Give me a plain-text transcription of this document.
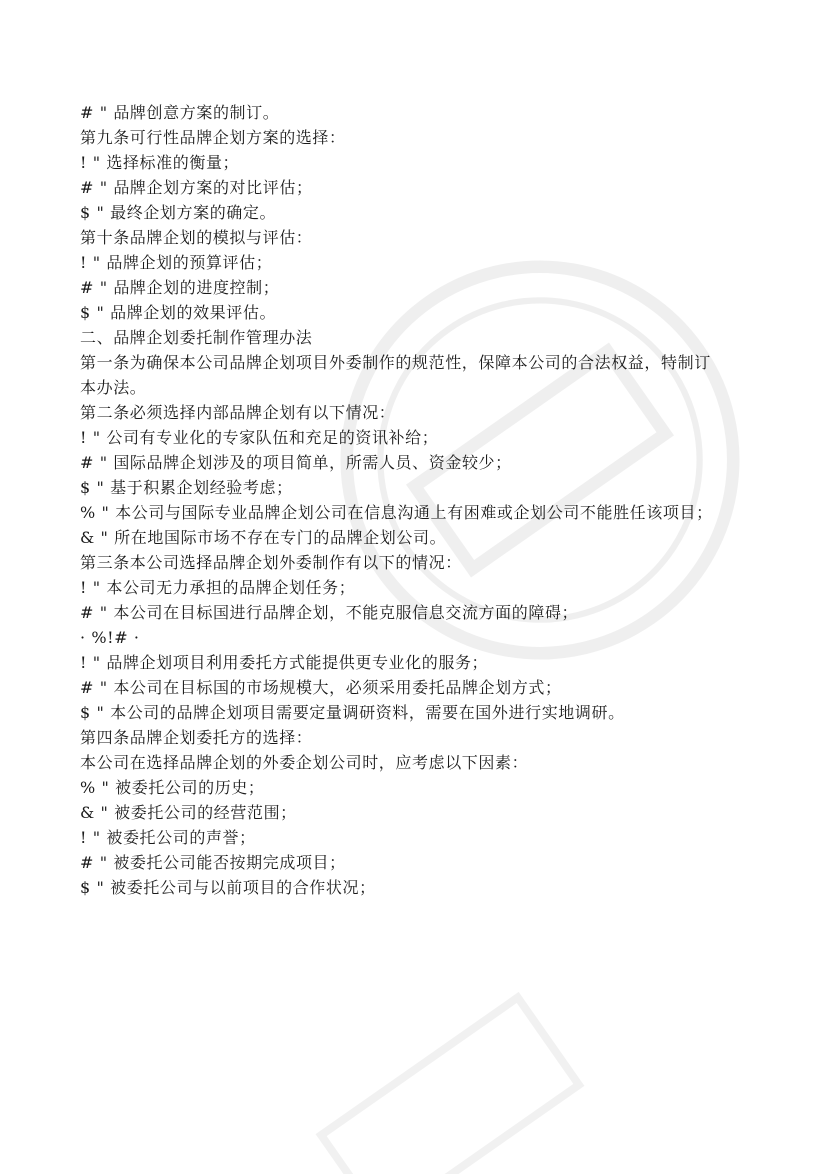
# " 品牌创意方案的制订。
第九条可行性品牌企划方案的选择：
! " 选择标准的衡量；
# " 品牌企划方案的对比评估；
$ " 最终企划方案的确定。
第十条品牌企划的模拟与评估：
! " 品牌企划的预算评估；
# " 品牌企划的进度控制；
$ " 品牌企划的效果评估。
二、品牌企划委托制作管理办法
第一条为确保本公司品牌企划项目外委制作的规范性，保障本公司的合法权益，特制订
本办法。
第二条必须选择内部品牌企划有以下情况：
! " 公司有专业化的专家队伍和充足的资讯补给；
# " 国际品牌企划涉及的项目简单，所需人员、资金较少；
$ " 基于积累企划经验考虑；
% " 本公司与国际专业品牌企划公司在信息沟通上有困难或企划公司不能胜任该项目；
& " 所在地国际市场不存在专门的品牌企划公司。
第三条本公司选择品牌企划外委制作有以下的情况：
! " 本公司无力承担的品牌企划任务；
# " 本公司在目标国进行品牌企划，不能克服信息交流方面的障碍；
· %!# ·
! " 品牌企划项目利用委托方式能提供更专业化的服务；
# " 本公司在目标国的市场规模大，必须采用委托品牌企划方式；
$ " 本公司的品牌企划项目需要定量调研资料，需要在国外进行实地调研。
第四条品牌企划委托方的选择：
本公司在选择品牌企划的外委企划公司时，应考虑以下因素：
% " 被委托公司的历史；
& " 被委托公司的经营范围；
! " 被委托公司的声誉；
# " 被委托公司能否按期完成项目；
$ " 被委托公司与以前项目的合作状况；
